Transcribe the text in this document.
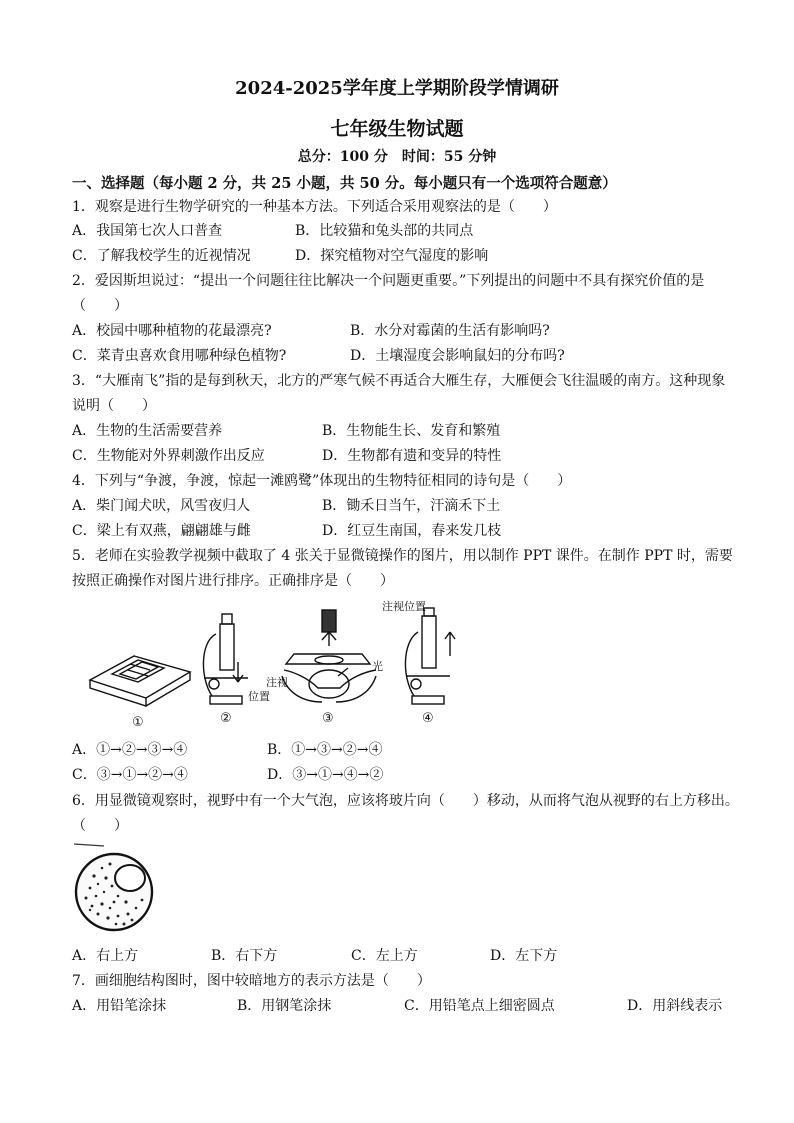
2024-2025学年度上学期阶段学情调研
七年级生物试题
总分：100 分　时间：55 分钟
一、选择题（每小题 2 分，共 25 小题，共 50 分。每小题只有一个选项符合题意）
1．观察是进行生物学研究的一种基本方法。下列适合采用观察法的是（　　）
A．我国第七次人口普查	B．比较猫和兔头部的共同点
C．了解我校学生的近视情况	D．探究植物对空气湿度的影响
2．爱因斯坦说过：“提出一个问题往往比解决一个问题更重要。”下列提出的问题中不具有探究价值的是
（　　）
A．校园中哪种植物的花最漂亮?	B．水分对霉菌的生活有影响吗?
C．菜青虫喜欢食用哪种绿色植物?	D．土壤湿度会影响鼠妇的分布吗?
3．“大雁南飞”指的是每到秋天，北方的严寒气候不再适合大雁生存，大雁便会飞往温暖的南方。这种现象
说明（　　）
A．生物的生活需要营养	B．生物能生长、发育和繁殖
C．生物能对外界刺激作出反应	D．生物都有遗和变异的特性
4．下列与“争渡，争渡，惊起一滩鸥鹭”体现出的生物特征相同的诗句是（　　）
A．柴门闻犬吠，风雪夜归人	B．锄禾日当午，汗滴禾下土
C．梁上有双燕，翩翩雄与雌	D．红豆生南国，春来发几枝
5．老师在实验教学视频中截取了 4 张关于显微镜操作的图片，用以制作 PPT 课件。在制作 PPT 时，需要
按照正确操作对图片进行排序。正确排序是（　　）
注视
位置
光
注视位置
①	②	③	④
A．①→②→③→④	B．①→③→②→④
C．③→①→②→④	D．③→①→④→②
6．用显微镜观察时，视野中有一个大气泡，应该将玻片向（　　）移动，从而将气泡从视野的右上方移出。
（　　）
A．右上方	B．右下方	C．左上方	D．左下方
7．画细胞结构图时，图中较暗地方的表示方法是（　　）
A．用铅笔涂抹	B．用钢笔涂抹	C．用铅笔点上细密圆点	D．用斜线表示
